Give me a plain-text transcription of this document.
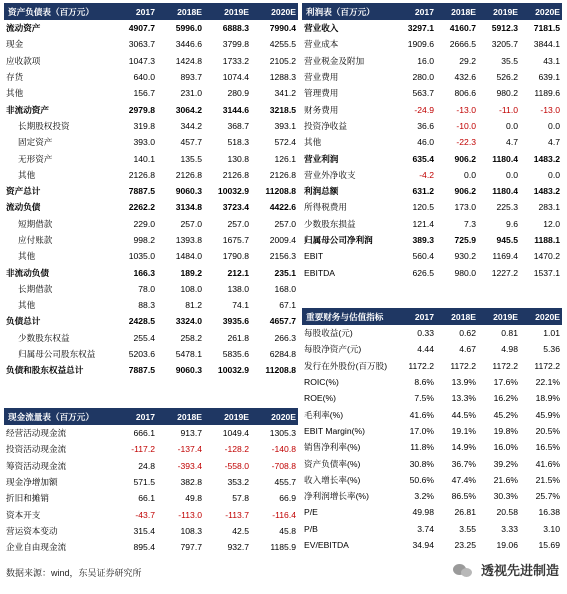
资产负债表（百万元）	2017	2018E	2019E	2020E
流动资产	4907.7	5996.0	6888.3	7990.4
现金	3063.7	3446.6	3799.8	4255.5
应收款项	1047.3	1424.8	1733.2	2105.2
存货	640.0	893.7	1074.4	1288.3
其他	156.7	231.0	280.9	341.2
非流动资产	2979.8	3064.2	3144.6	3218.5
长期股权投资	319.8	344.2	368.7	393.1
固定资产	393.0	457.7	518.3	572.4
无形资产	140.1	135.5	130.8	126.1
其他	2126.8	2126.8	2126.8	2126.8
资产总计	7887.5	9060.3	10032.9	11208.8
流动负债	2262.2	3134.8	3723.4	4422.6
短期借款	229.0	257.0	257.0	257.0
应付账款	998.2	1393.8	1675.7	2009.4
其他	1035.0	1484.0	1790.8	2156.3
非流动负债	166.3	189.2	212.1	235.1
长期借款	78.0	108.0	138.0	168.0
其他	88.3	81.2	74.1	67.1
负债总计	2428.5	3324.0	3935.6	4657.7
少数股东权益	255.4	258.2	261.8	266.3
归属母公司股东权益	5203.6	5478.1	5835.6	6284.8
负债和股东权益总计	7887.5	9060.3	10032.9	11208.8
现金流量表（百万元）	2017	2018E	2019E	2020E
经营活动现金流	666.1	913.7	1049.4	1305.3
投资活动现金流	-117.2	-137.4	-128.2	-140.8
筹资活动现金流	24.8	-393.4	-558.0	-708.8
现金净增加额	571.5	382.8	353.2	455.7
折旧和摊销	66.1	49.8	57.8	66.9
资本开支	-43.7	-113.0	-113.7	-116.4
营运资本变动	315.4	108.3	42.5	45.8
企业自由现金流	895.4	797.7	932.7	1185.9
利润表（百万元）	2017	2018E	2019E	2020E
营业收入	3297.1	4160.7	5912.3	7181.5
营业成本	1909.6	2666.5	3205.7	3844.1
营业税金及附加	16.0	29.2	35.5	43.1
营业费用	280.0	432.6	526.2	639.1
管理费用	563.7	806.6	980.2	1189.6
财务费用	-24.9	-13.0	-11.0	-13.0
投资净收益	36.6	-10.0	0.0	0.0
其他	46.0	-22.3	4.7	4.7
营业利润	635.4	906.2	1180.4	1483.2
营业外净收支	-4.2	0.0	0.0	0.0
利润总额	631.2	906.2	1180.4	1483.2
所得税费用	120.5	173.0	225.3	283.1
少数股东损益	121.4	7.3	9.6	12.0
归属母公司净利润	389.3	725.9	945.5	1188.1
EBIT	560.4	930.2	1169.4	1470.2
EBITDA	626.5	980.0	1227.2	1537.1
重要财务与估值指标	2017	2018E	2019E	2020E
每股收益(元)	0.33	0.62	0.81	1.01
每股净资产(元)	4.44	4.67	4.98	5.36
发行在外股份(百万股)	1172.2	1172.2	1172.2	1172.2
ROIC(%)	8.6%	13.9%	17.6%	22.1%
ROE(%)	7.5%	13.3%	16.2%	18.9%
毛利率(%)	41.6%	44.5%	45.2%	45.9%
EBIT Margin(%)	17.0%	19.1%	19.8%	20.5%
销售净利率(%)	11.8%	14.9%	16.0%	16.5%
资产负债率(%)	30.8%	36.7%	39.2%	41.6%
收入增长率(%)	50.6%	47.4%	21.6%	21.5%
净利润增长率(%)	3.2%	86.5%	30.3%	25.7%
P/E	49.98	26.81	20.58	16.38
P/B	3.74	3.55	3.33	3.10
EV/EBITDA	34.94	23.25	19.06	15.69
数据来源：wind，东吴证券研究所	透视先进制造
